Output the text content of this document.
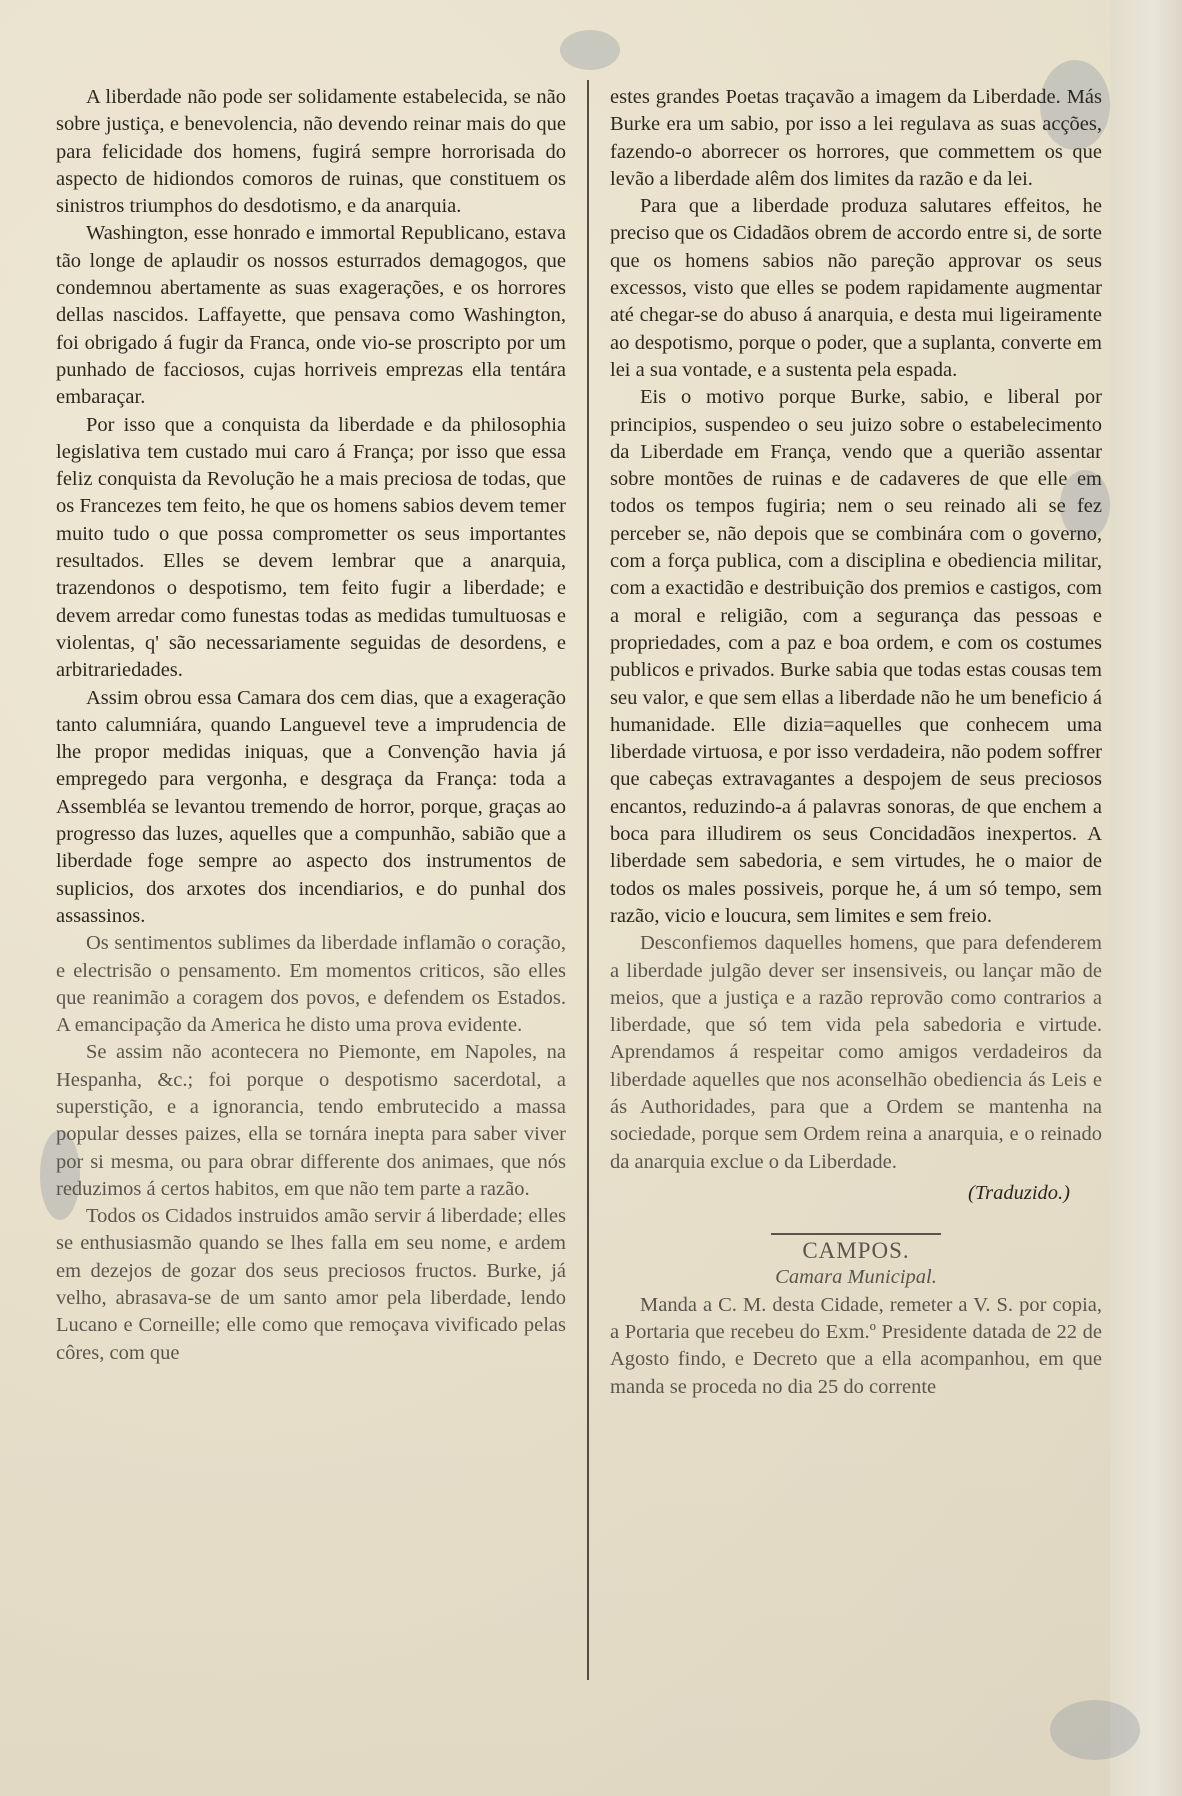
A liberdade não pode ser solidamente estabelecida, se não sobre justiça, e benevolencia, não devendo reinar mais do que para felicidade dos homens, fugirá sempre horrorisada do aspecto de hidiondos comoros de ruinas, que constituem os sinistros triumphos do desdotismo, e da anarquia.

Washington, esse honrado e immortal Republicano, estava tão longe de aplaudir os nossos esturrados demagogos, que condemnou abertamente as suas exagerações, e os horrores dellas nascidos. Laffayette, que pensava como Washington, foi obrigado á fugir da Franca, onde vio-se proscripto por um punhado de facciosos, cujas horriveis emprezas ella tentára embaraçar.

Por isso que a conquista da liberdade e da philosophia legislativa tem custado mui caro á França; por isso que essa feliz conquista da Revolução he a mais preciosa de todas, que os Francezes tem feito, he que os homens sabios devem temer muito tudo o que possa comprometter os seus importantes resultados. Elles se devem lembrar que a anarquia, trazendonos o despotismo, tem feito fugir a liberdade; e devem arredar como funestas todas as medidas tumultuosas e violentas, q' são necessariamente seguidas de desordens, e arbitrariedades.

Assim obrou essa Camara dos cem dias, que a exageração tanto calumniára, quando Languevel teve a imprudencia de lhe propor medidas iniquas, que a Convenção havia já empregedo para vergonha, e desgraça da França: toda a Assembléa se levantou tremendo de horror, porque, graças ao progresso das luzes, aquelles que a compunhão, sabião que a liberdade foge sempre ao aspecto dos instrumentos de suplicios, dos arxotes dos incendiarios, e do punhal dos assassinos.

Os sentimentos sublimes da liberdade inflamão o coração, e electrisão o pensamento. Em momentos criticos, são elles que reanimão a coragem dos povos, e defendem os Estados. A emancipação da America he disto uma prova evidente.

Se assim não acontecera no Piemonte, em Napoles, na Hespanha, &c.; foi porque o despotismo sacerdotal, a superstição, e a ignorancia, tendo embrutecido a massa popular desses paizes, ella se tornára inepta para saber viver por si mesma, ou para obrar differente dos animaes, que nós reduzimos á certos habitos, em que não tem parte a razão.

Todos os Cidados instruidos amão servir á liberdade; elles se enthusiasmão quando se lhes falla em seu nome, e ardem em dezejos de gozar dos seus preciosos fructos. Burke, já velho, abrasava-se de um santo amor pela liberdade, lendo Lucano e Corneille; elle como que remoçava vivificado pelas côres, com que

estes grandes Poetas traçavão a imagem da Liberdade. Más Burke era um sabio, por isso a lei regulava as suas acções, fazendo-o aborrecer os horrores, que commettem os que levão a liberdade alêm dos limites da razão e da lei.

Para que a liberdade produza salutares effeitos, he preciso que os Cidadãos obrem de accordo entre si, de sorte que os homens sabios não pareção approvar os seus excessos, visto que elles se podem rapidamente augmentar até chegar-se do abuso á anarquia, e desta mui ligeiramente ao despotismo, porque o poder, que a suplanta, converte em lei a sua vontade, e a sustenta pela espada.

Eis o motivo porque Burke, sabio, e liberal por principios, suspendeo o seu juizo sobre o estabelecimento da Liberdade em França, vendo que a querião assentar sobre montões de ruinas e de cadaveres de que elle em todos os tempos fugiria; nem o seu reinado ali se fez perceber se, não depois que se combinára com o governo, com a força publica, com a disciplina e obediencia militar, com a exactidão e destribuição dos premios e castigos, com a moral e religião, com a segurança das pessoas e propriedades, com a paz e boa ordem, e com os costumes publicos e privados. Burke sabia que todas estas cousas tem seu valor, e que sem ellas a liberdade não he um beneficio á humanidade. Elle dizia=aquelles que conhecem uma liberdade virtuosa, e por isso verdadeira, não podem soffrer que cabeças extravagantes a despojem de seus preciosos encantos, reduzindo-a á palavras sonoras, de que enchem a boca para illudirem os seus Concidadãos inexpertos. A liberdade sem sabedoria, e sem virtudes, he o maior de todos os males possiveis, porque he, á um só tempo, sem razão, vicio e loucura, sem limites e sem freio.

Desconfiemos daquelles homens, que para defenderem a liberdade julgão dever ser insensiveis, ou lançar mão de meios, que a justiça e a razão reprovão como contrarios a liberdade, que só tem vida pela sabedoria e virtude. Aprendamos á respeitar como amigos verdadeiros da liberdade aquelles que nos aconselhão obediencia ás Leis e ás Authoridades, para que a Ordem se mantenha na sociedade, porque sem Ordem reina a anarquia, e o reinado da anarquia exclue o da Liberdade.

(Traduzido.)

CAMPOS.

Camara Municipal.

Manda a C. M. desta Cidade, remeter a V. S. por copia, a Portaria que recebeu do Exm.º Presidente datada de 22 de Agosto findo, e Decreto que a ella acompanhou, em que manda se proceda no dia 25 do corrente
